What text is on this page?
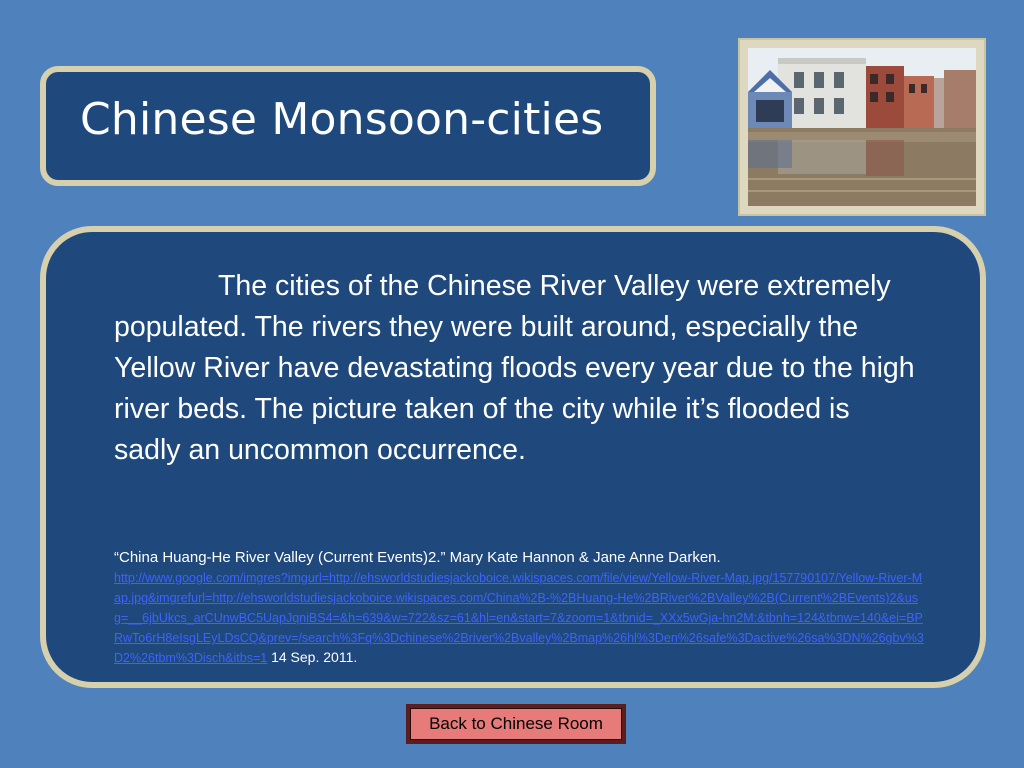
Chinese Monsoon-cities
The cities of the Chinese River Valley were extremely populated. The rivers they were built around, especially the Yellow River have devastating floods every year due to the high river beds. The picture taken of the city while it’s flooded is sadly an uncommon occurrence.
“China Huang-He River Valley (Current Events)2.” Mary Kate Hannon & Jane Anne Darken.
http://www.google.com/imgres?imgurl=http://ehsworldstudiesjackoboice.wikispaces.com/file/view/Yellow-River-Map.jpg/157790107/Yellow-River-Map.jpg&imgrefurl=http://ehsworldstudiesjackoboice.wikispaces.com/China%2B-%2BHuang-He%2BRiver%2BValley%2B(Current%2BEvents)2&usg=__6jbUkcs_arCUnwBC5UapJqniBS4=&h=639&w=722&sz=61&hl=en&start=7&zoom=1&tbnid=_XXx5wGja-hn2M:&tbnh=124&tbnw=140&ei=BPRwTo6rH8eIsgLEyLDsCQ&prev=/search%3Fq%3Dchinese%2Briver%2Bvalley%2Bmap%26hl%3Den%26safe%3Dactive%26sa%3DN%26gbv%3D2%26tbm%3Disch&itbs=1 14 Sep. 2011.
Back to Chinese Room
